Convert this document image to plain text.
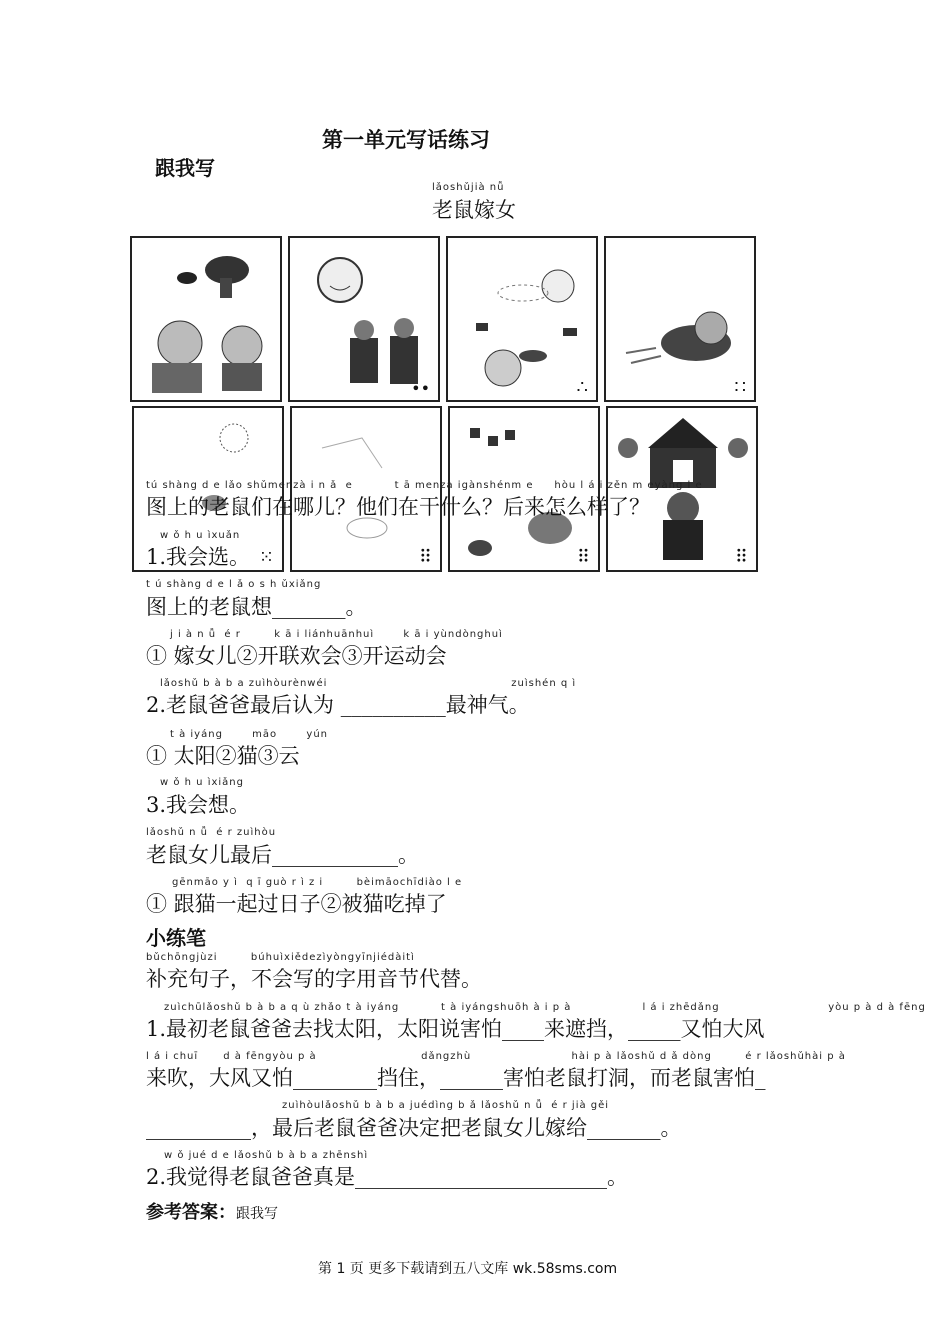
第一单元写话练习
跟我写
lǎoshǔjià nǚ
老鼠嫁女
••	∴	∷
⁙	⠿	⠿	⠿
tú shàng d e lǎo shǔmenzà i n ǎ  e          t ā menzà igànshénm e     hòu l á i zěn m eyàng l e
图上的老鼠们在哪儿？他们在干什么？后来怎么样了？
w ǒ h u ìxuǎn
1.我会选。
t ú shàng d e l ǎ o s h ǔxiǎng
图上的老鼠想_______。
j i à n ǚ  é r        k ā i liánhuānhuì       k ā i yùndònghuì
① 嫁女儿②开联欢会③开运动会
lǎoshǔ b à b a zuìhòurènwéi                                            zuìshén q ì
2.老鼠爸爸最后认为 __________最神气。
t à iyáng       māo       yún
① 太阳②猫③云
w ǒ h u ìxiǎng
3.我会想。
lǎoshǔ n ǚ  é r zuìhòu
老鼠女儿最后____________。
gēnmāo y ì  q ī guò r ì z i        bèimāochīdiào l e
① 跟猫一起过日子②被猫吃掉了
小练笔
bǔchōngjùzi        búhuìxiědezìyòngyīnjiédàitì
补充句子，不会写的字用音节代替。
zuìchūlǎoshǔ b à b a q ù zhǎo t à iyáng          t à iyángshuōh à i p à                 l á i zhēdǎng                          yòu p à d à fēng
1.最初老鼠爸爸去找太阳，太阳说害怕____来遮挡，_____又怕大风
l á i chuī      d à fēngyòu p à                         dǎngzhù                        hài p à lǎoshǔ d ǎ dòng        é r lǎoshǔhài p à
来吹，大风又怕________挡住，______害怕老鼠打洞，而老鼠害怕_
zuìhòulǎoshǔ b à b a juédìng b ǎ lǎoshǔ n ǚ  é r jià gěi
__________，最后老鼠爸爸决定把老鼠女儿嫁给_______。
w ǒ jué d e lǎoshǔ b à b a zhēnshì
2.我觉得老鼠爸爸真是________________________。
参考答案：跟我写
第 1 页 更多下载请到五八文库 wk.58sms.com
